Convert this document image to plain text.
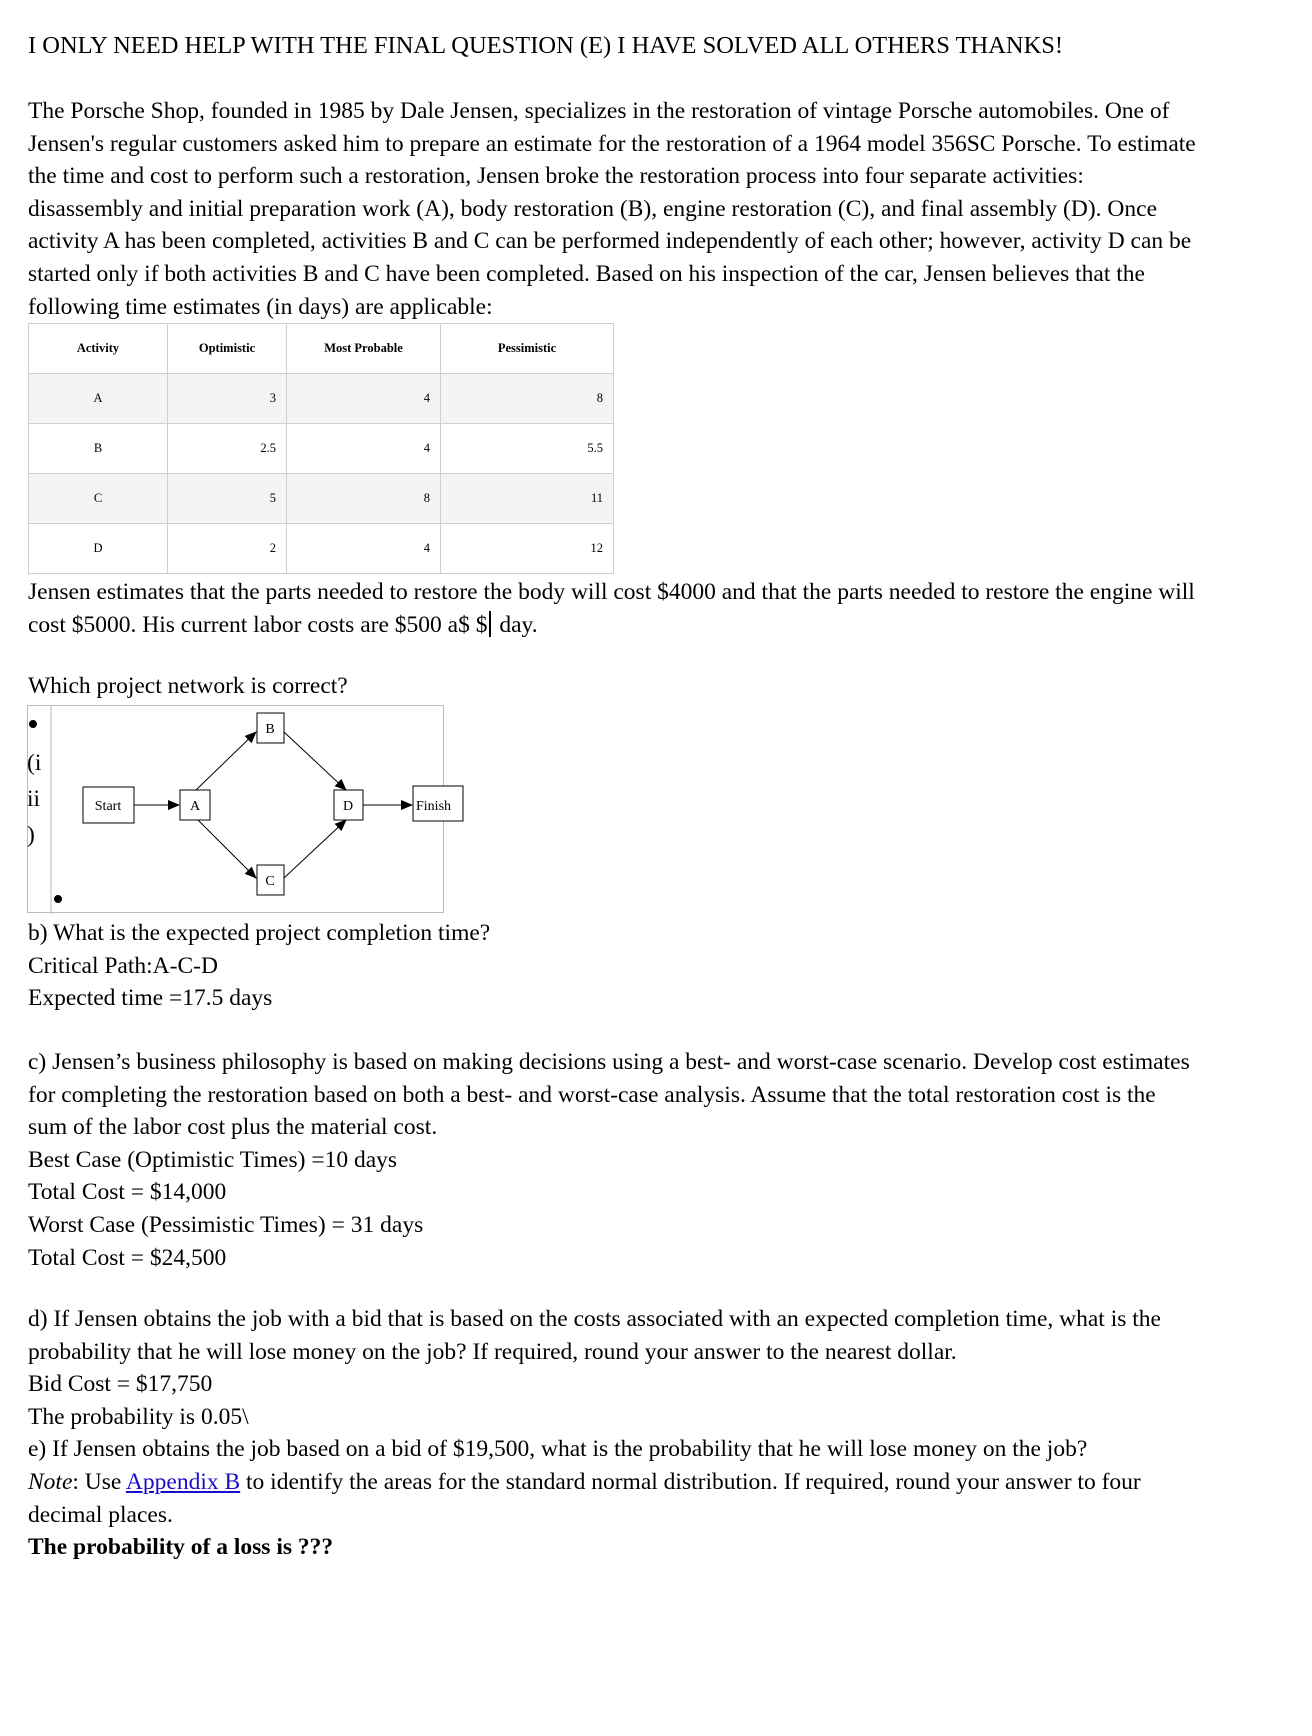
I ONLY NEED HELP WITH THE FINAL QUESTION (E) I HAVE SOLVED ALL OTHERS THANKS!
The Porsche Shop, founded in 1985 by Dale Jensen, specializes in the restoration of vintage Porsche automobiles. One of Jensen's regular customers asked him to prepare an estimate for the restoration of a 1964 model 356SC Porsche. To estimate the time and cost to perform such a restoration, Jensen broke the restoration process into four separate activities: disassembly and initial preparation work (A), body restoration (B), engine restoration (C), and final assembly (D). Once activity A has been completed, activities B and C can be performed independently of each other; however, activity D can be started only if both activities B and C have been completed. Based on his inspection of the car, Jensen believes that the following time estimates (in days) are applicable:
Activity	Optimistic	Most Probable	Pessimistic
A	3	4	8
B	2.5	4	5.5
C	5	8	11
D	2	4	12
Jensen estimates that the parts needed to restore the body will cost $4000 and that the parts needed to restore the engine will cost $5000. His current labor costs are $500 a$ $ day.
Which project network is correct?
Start	A
B
C
D	Finish
(i
ii
)

b) What is the expected project completion time?

Critical Path:A-C-D

Expected time =17.5 days

c) Jensen’s business philosophy is based on making decisions using a best- and worst-case scenario. Develop cost estimates for completing the restoration based on both a best- and worst-case analysis. Assume that the total restoration cost is the sum of the labor cost plus the material cost.

Best Case (Optimistic Times) =10 days

Total Cost = $14,000

Worst Case (Pessimistic Times) = 31 days

Total Cost = $24,500

d) If Jensen obtains the job with a bid that is based on the costs associated with an expected completion time, what is the probability that he will lose money on the job? If required, round your answer to the nearest dollar.

Bid Cost = $17,750

The probability is 0.05\

e) If Jensen obtains the job based on a bid of $19,500, what is the probability that he will lose money on the job?

Note: Use Appendix B to identify the areas for the standard normal distribution. If required, round your answer to four decimal places.

The probability of a loss is ???
